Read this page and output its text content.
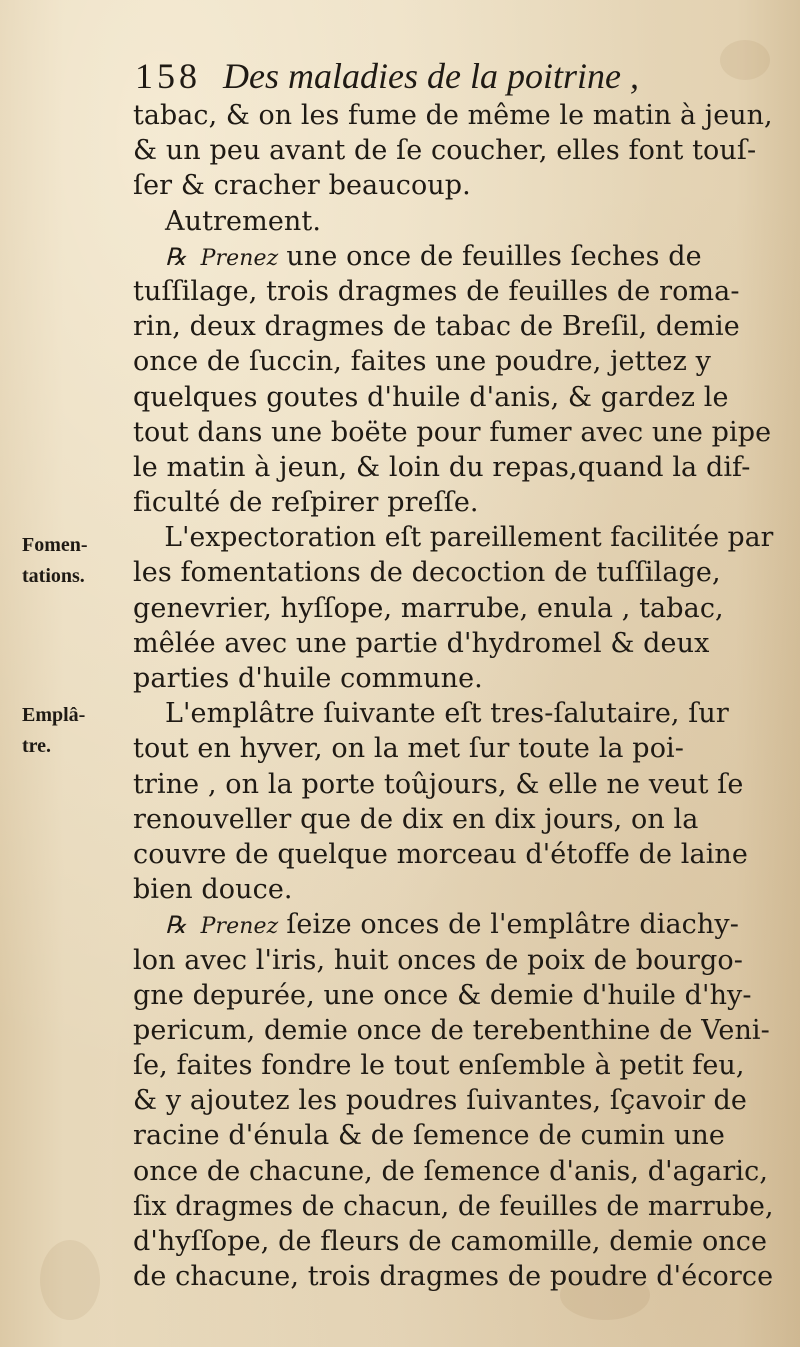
158 Des maladies de la poitrine ,
Fomen-
tations.
Emplâ-
tre.
tabac, & on les fume de même le matin à jeun,
& un peu avant de ſe coucher, elles font touſ-
ſer & cracher beaucoup.
Autrement.
℞ Prenez une once de feuilles ſeches de
tuſſilage, trois dragmes de feuilles de roma-
rin, deux dragmes de tabac de Breſil, demie
once de ſuccin, faites une poudre, jettez y
quelques goutes d'huile d'anis, & gardez le
tout dans une boëte pour fumer avec une pipe
le matin à jeun, & loin du repas,quand la dif-
ficulté de reſpirer preſſe.
L'expectoration eſt pareillement facilitée par
les fomentations de decoction de tuſſilage,
genevrier, hyſſope, marrube, enula , tabac,
mêlée avec une partie d'hydromel & deux
parties d'huile commune.
L'emplâtre ſuivante eſt tres-ſalutaire, ſur
tout en hyver, on la met ſur toute la poi-
trine , on la porte toûjours, & elle ne veut ſe
renouveller que de dix en dix jours, on la
couvre de quelque morceau d'étoffe de laine
bien douce.
℞ Prenez ſeize onces de l'emplâtre diachy-
lon avec l'iris, huit onces de poix de bourgo-
gne depurée, une once & demie d'huile d'hy-
pericum, demie once de terebenthine de Veni-
ſe, faites fondre le tout enſemble à petit feu,
& y ajoutez les poudres ſuivantes, ſçavoir de
racine d'énula & de ſemence de cumin une
once de chacune, de ſemence d'anis, d'agaric,
ſix dragmes de chacun, de feuilles de marrube,
d'hyſſope, de fleurs de camomille, demie once
de chacune, trois dragmes de poudre d'écorce
